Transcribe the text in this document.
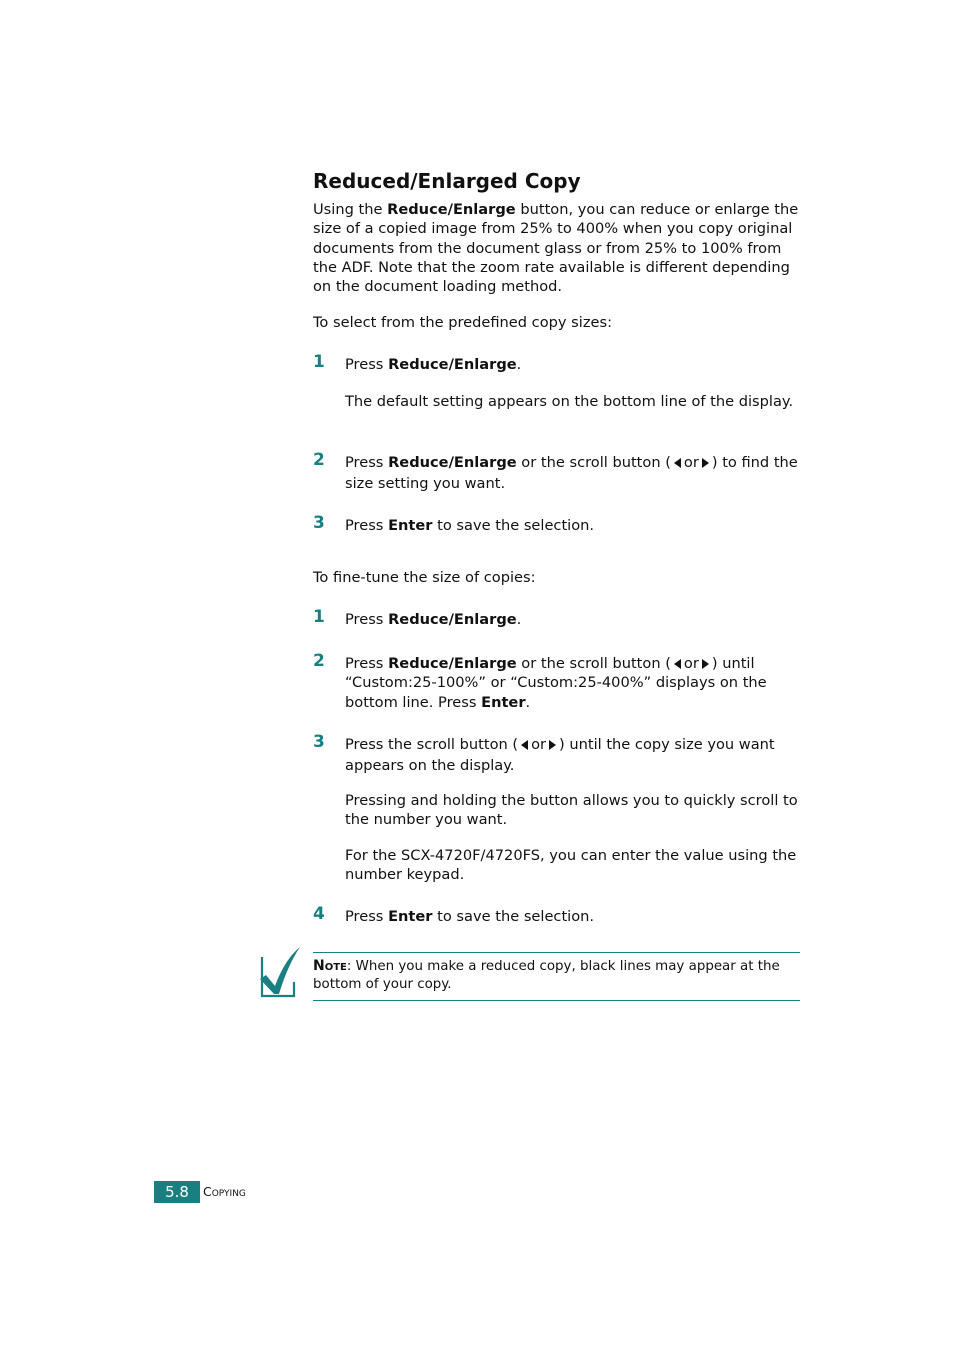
Reduced/Enlarged Copy
Using the Reduce/Enlarge button, you can reduce or enlarge the size of a copied image from 25% to 400% when you copy original documents from the document glass or from 25% to 100% from the ADF. Note that the zoom rate available is different depending on the document loading method.
To select from the predefined copy sizes:
1 Press Reduce/Enlarge.
The default setting appears on the bottom line of the display.
2 Press Reduce/Enlarge or the scroll button ( or ) to find the size setting you want.
3 Press Enter to save the selection.
To fine-tune the size of copies:
1 Press Reduce/Enlarge.
2 Press Reduce/Enlarge or the scroll button ( or ) until “Custom:25-100%” or “Custom:25-400%” displays on the bottom line. Press Enter.
3 Press the scroll button ( or ) until the copy size you want appears on the display.
Pressing and holding the button allows you to quickly scroll to the number you want.
For the SCX-4720F/4720FS, you can enter the value using the number keypad.
4 Press Enter to save the selection.
Note: When you make a reduced copy, black lines may appear at the bottom of your copy.
5.8	Copying
